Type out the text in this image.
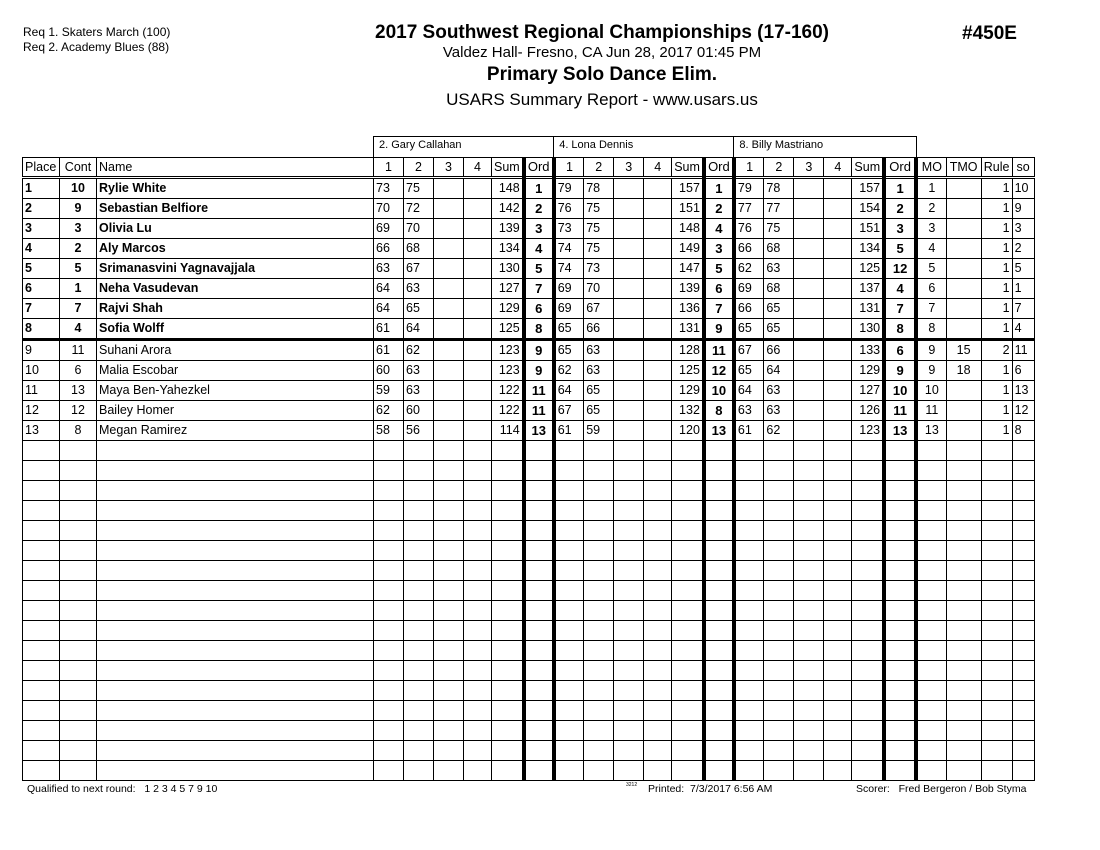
Req 1. Skaters March (100)
Req 2. Academy Blues (88)
2017 Southwest Regional Championships (17-160)
Valdez Hall- Fresno, CA Jun 28, 2017 01:45 PM
Primary Solo Dance Elim.
USARS Summary Report - www.usars.us
#450E
			2. Gary Callahan						4. Lona Dennis						8. Billy Mastriano									
Place	Cont	Name	1	2	3	4	Sum	Ord	1	2	3	4	Sum	Ord	1	2	3	4	Sum	Ord	MO	TMO	Rule	so
1	10	Rylie White	73	75			148	1	79	78			157	1	79	78			157	1	1		1	10
2	9	Sebastian Belfiore	70	72			142	2	76	75			151	2	77	77			154	2	2		1	9
3	3	Olivia Lu	69	70			139	3	73	75			148	4	76	75			151	3	3		1	3
4	2	Aly Marcos	66	68			134	4	74	75			149	3	66	68			134	5	4		1	2
5	5	Srimanasvini Yagnavajjala	63	67			130	5	74	73			147	5	62	63			125	12	5		1	5
6	1	Neha Vasudevan	64	63			127	7	69	70			139	6	69	68			137	4	6		1	1
7	7	Rajvi Shah	64	65			129	6	69	67			136	7	66	65			131	7	7		1	7
8	4	Sofia Wolff	61	64			125	8	65	66			131	9	65	65			130	8	8		1	4
9	11	Suhani Arora	61	62			123	9	65	63			128	11	67	66			133	6	9	15	2	11
10	6	Malia Escobar	60	63			123	9	62	63			125	12	65	64			129	9	9	18	1	6
11	13	Maya Ben-Yahezkel	59	63			122	11	64	65			129	10	64	63			127	10	10		1	13
12	12	Bailey Homer	62	60			122	11	67	65			132	8	63	63			126	11	11		1	12
13	8	Megan Ramirez	58	56			114	13	61	59			120	13	61	62			123	13	13		1	8

Qualified to next round: 1 2 3 4 5 7 9 10	3212 Printed: 7/3/2017 6:56 AM	Scorer: Fred Bergeron / Bob Styma
